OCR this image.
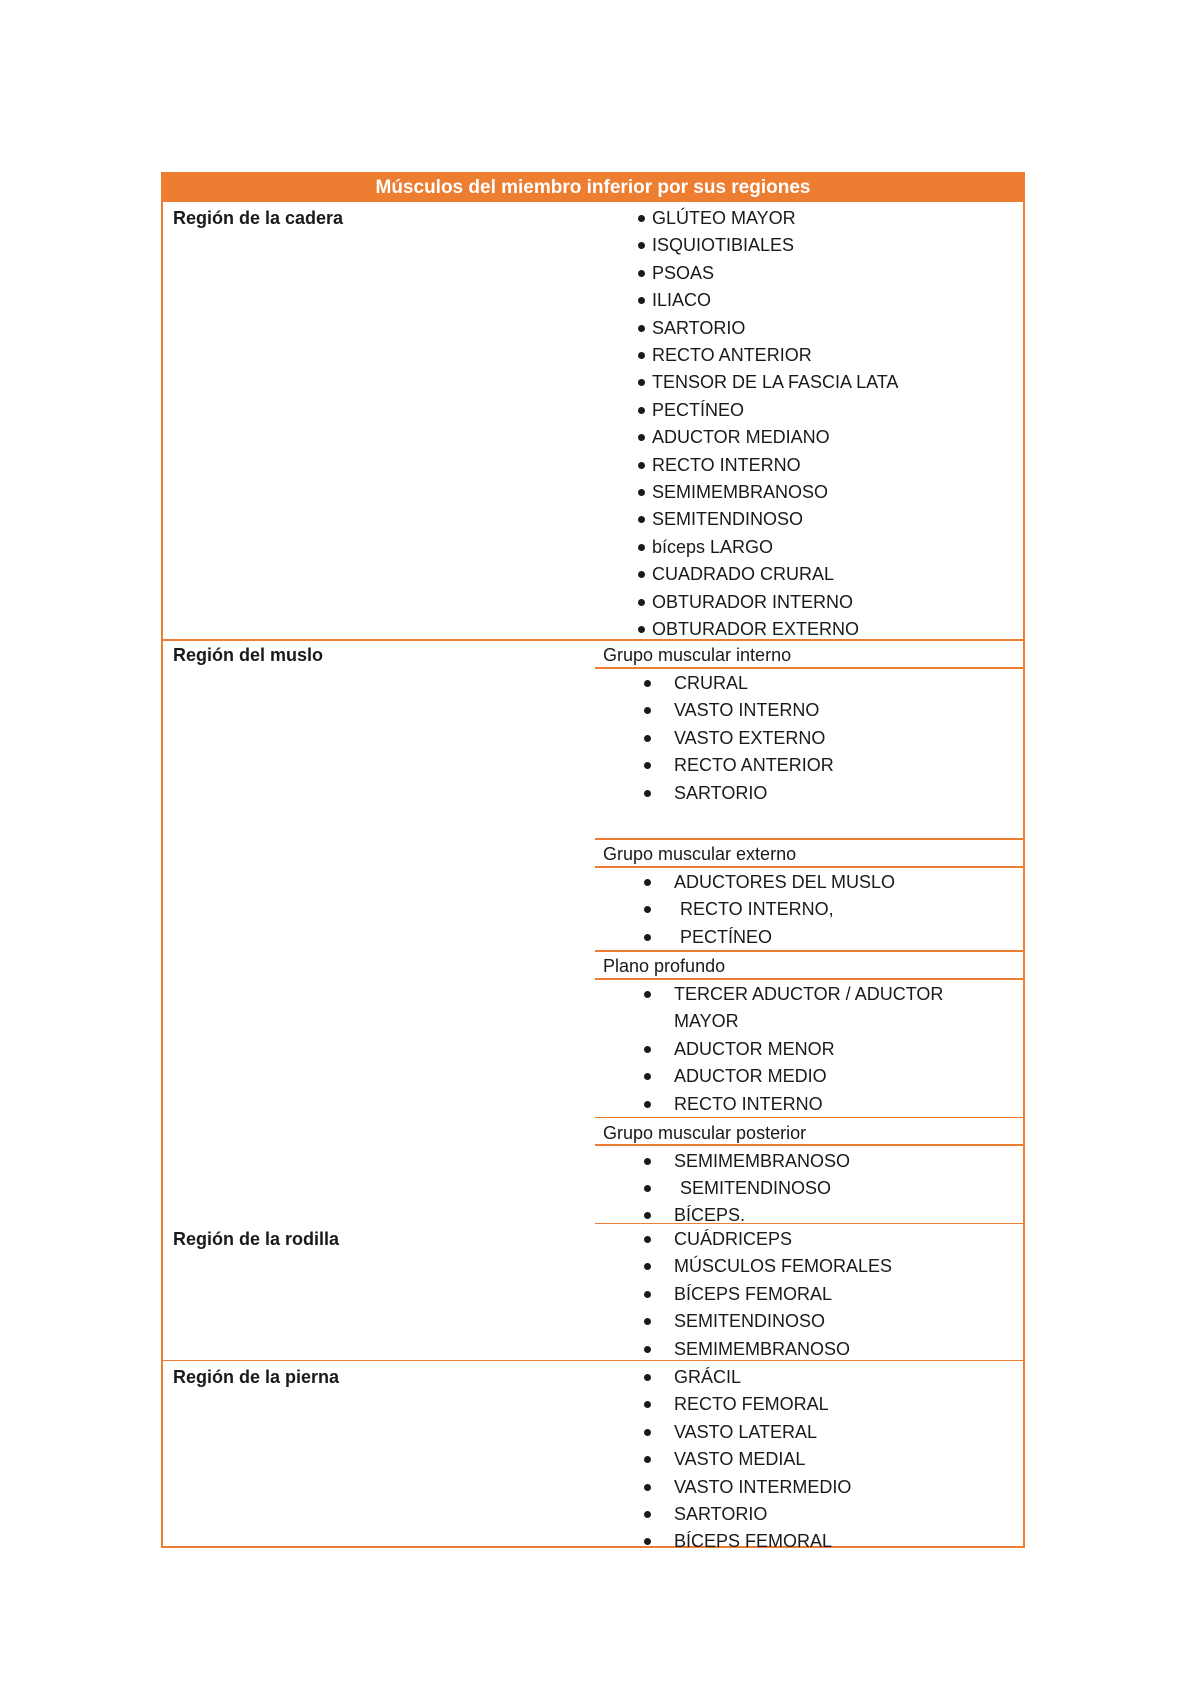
Músculos del miembro inferior por sus regiones
Región de la cadera
Región del muslo
Región de la rodilla
Región de la pierna
Grupo muscular interno
Grupo muscular externo
Plano profundo
Grupo muscular posterior
GLÚTEO MAYOR
ISQUIOTIBIALES
PSOAS
ILIACO
SARTORIO
RECTO ANTERIOR
TENSOR DE LA FASCIA LATA
PECTÍNEO
ADUCTOR MEDIANO
RECTO INTERNO
SEMIMEMBRANOSO
SEMITENDINOSO
bíceps LARGO
CUADRADO CRURAL
OBTURADOR INTERNO
OBTURADOR EXTERNO
CRURAL
VASTO INTERNO
VASTO EXTERNO
RECTO ANTERIOR
SARTORIO
ADUCTORES DEL MUSLO
RECTO INTERNO,
PECTÍNEO
TERCER ADUCTOR / ADUCTOR
MAYOR
ADUCTOR MENOR
ADUCTOR MEDIO
RECTO INTERNO
SEMIMEMBRANOSO
SEMITENDINOSO
BÍCEPS.
CUÁDRICEPS
MÚSCULOS FEMORALES
BÍCEPS FEMORAL
SEMITENDINOSO
SEMIMEMBRANOSO
GRÁCIL
RECTO FEMORAL
VASTO LATERAL
VASTO MEDIAL
VASTO INTERMEDIO
SARTORIO
BÍCEPS FEMORAL
